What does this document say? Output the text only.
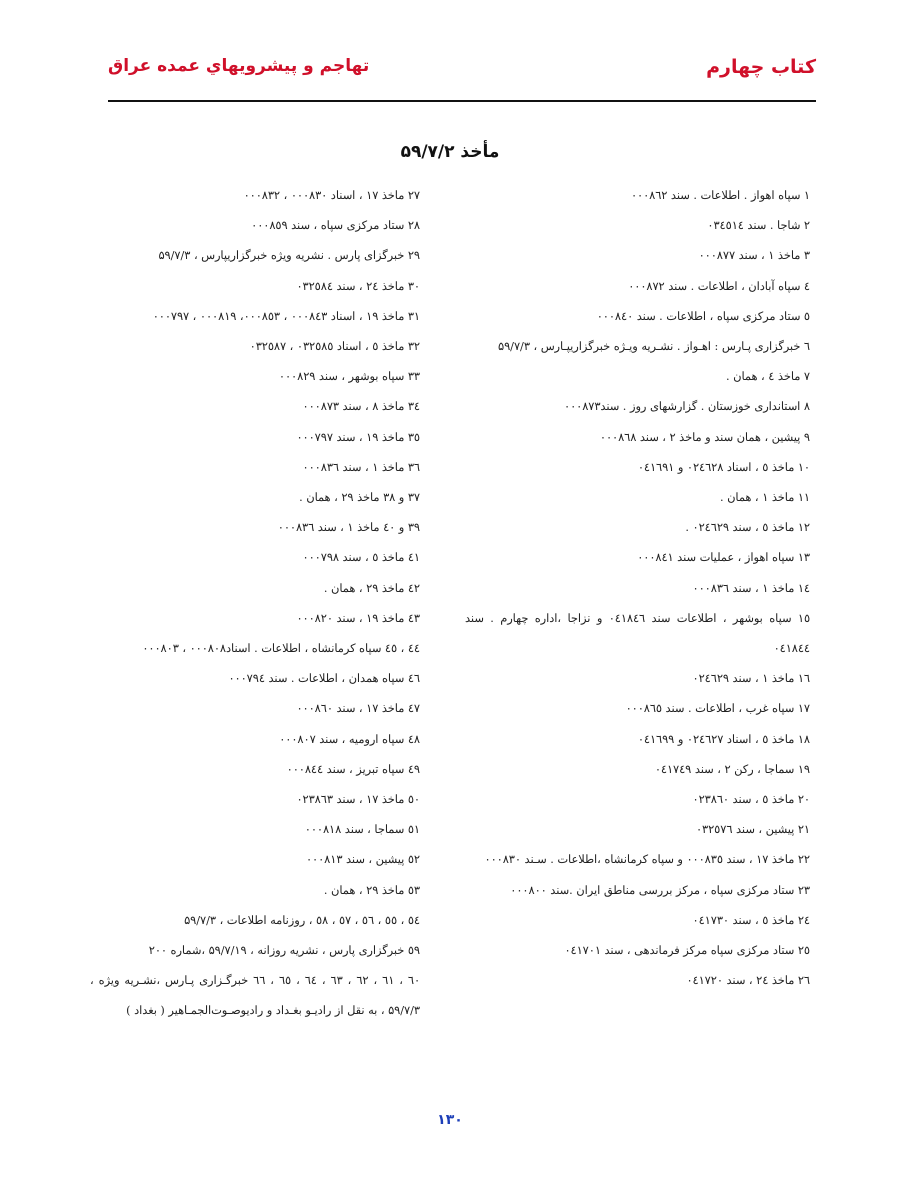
كتاب چهارم
تهاجم و پيشرويهاي عمده عراق
مأخذ ۵۹/۷/۲

۱ سپاه اهواز . اطلاعات . سند ۰۰۰۸٦۲

۲ شاجا . سند ۰۳٤٥١٤

۳ ماخذ ۱ ، سند ۰۰۰۸۷۷

٤ سپاه آبادان ، اطلاعات . سند ۰۰۰۸۷۲

٥ ستاد مرکزی سپاه ، اطلاعات . سند ۰۰۰۸٤۰

٦ خبرگزاری پـارس : اهـواز . نشـريه ويـژه خبرگزاريپـارس ، ۵۹/۷/۳

۷ ماخذ ٤ ، همان .

۸ استانداری خوزستان . گزارشهای روز . سند۰۰۰۸۷۳

۹ پیشین ، همان سند و ماخذ ۲ ، سند ۰۰۰۸٦۸

۱۰ ماخذ ٥ ، اسناد ۰۲٤٦۲۸ و ۰٤۱٦۹۱

۱۱ ماخذ ۱ ، همان .

۱۲ ماخذ ٥ ، سند ۰۲٤٦۲۹ .

۱۳ سپاه اهواز ، عملیات سند ۰۰۰۸٤۱

١٤ ماخذ ۱ ، سند ۰۰۰۸۳٦

١٥ سپاه بوشهر ، اطلاعات سند ۰٤۱۸٤٦ و نزاجا ،اداره چهارم . سند ۰٤۱۸٤٤

١٦ ماخذ ۱ ، سند ۰۲٤٦۲۹

۱۷ سپاه غرب ، اطلاعات . سند ۰۰۰۸٦٥

۱۸ ماخذ ٥ ، اسناد ۰۲٤٦۲۷ و ۰٤۱٦۹۹

۱۹ سماجا ، رکن ۲ ، سند ۰٤۱۷٤۹

۲۰ ماخذ ٥ ، سند ۰۲۳۸٦۰

۲۱ پیشین ، سند ۰۳۲٥۷٦

۲۲ ماخذ ۱۷ ، سند ۰۰۰۸۳٥ و سپاه کرمانشاه ،اطلاعات . سـند ۰۰۰۸۳۰

۲۳ ستاد مرکزی سپاه ، مرکز بررسی مناطق ایران .سند ۰۰۰۸۰۰

٢٤ ماخذ ٥ ، سند ۰٤۱۷۳۰

۲٥ ستاد مرکزی سپاه مرکز فرماندهی ، سند ۰٤۱۷۰۱

۲٦ ماخذ ٢٤ ، سند ۰٤۱۷۲۰

۲۷ ماخذ ۱۷ ، اسناد ۰۰۰۸۳۰ ، ۰۰۰۸۳۲

۲۸ ستاد مرکزی سپاه ، سند ۰۰۰۸٥۹

۲۹ خبرگزای پارس . نشریه ویژه خبرگزاریپارس ، ۵۹/۷/۳

۳۰ ماخذ ٢٤ ، سند ۰۳۲٥۸٤

۳۱ ماخذ ۱۹ ، اسناد ۰۰۰۸٤۳ ، ۰۰۰۸٥۳، ۰۰۰۸۱۹ ، ۰۰۰۷۹۷

۳۲ ماخذ ٥ ، اسناد ۰۳۲٥۸٥ ، ۰۳۲٥۸۷

۳۳ سپاه بوشهر ، سند ۰۰۰۸۲۹

۳٤ ماخذ ۸ ، سند ۰۰۰۸۷۳

۳٥ ماخذ ۱۹ ، سند ۰۰۰۷۹۷

۳٦ ماخذ ۱ ، سند ۰۰۰۸۳٦

۳۷ و ۳۸ ماخذ ۲۹ ، همان .

۳۹ و ٤۰ ماخذ ۱ ، سند ۰۰۰۸۳٦

٤۱ ماخذ ٥ ، سند ۰۰۰۷۹۸

٤۲ ماخذ ۲۹ ، همان .

٤۳ ماخذ ۱۹ ، سند ۰۰۰۸۲۰

٤٤ ، ٤٥ سپاه کرمانشاه ، اطلاعات . اسناد۰۰۰۸۰۸ ، ۰۰۰۸۰۳

٤٦ سپاه همدان ، اطلاعات . سند ۰۰۰۷۹٤

٤۷ ماخذ ۱۷ ، سند ۰۰۰۸٦۰

٤۸ سپاه ارومیه ، سند ۰۰۰۸۰۷

٤۹ سپاه تبریز ، سند ۰۰۰۸٤٤

٥۰ ماخذ ۱۷ ، سند ۰۲۳۸٦۳

٥۱ سماجا ، سند ۰۰۰۸۱۸

٥۲ پیشین ، سند ۰۰۰۸۱۳

٥۳ ماخذ ۲۹ ، همان .

٥٤ ، ٥٥ ، ٥٦ ، ٥۷ ، ٥۸ ، روزنامه اطلاعات ، ۵۹/۷/۳

٥۹ خبرگزاری پارس ، نشریه روزانه ، ۵۹/۷/۱۹ ،شماره ۲۰۰

٦۰ ، ٦۱ ، ٦۲ ، ٦۳ ، ٦٤ ، ٦٥ ، ٦٦ خبرگـزاری پـارس ،نشـریه ویژه ، ۵۹/۷/۳ ، به نقل از رادیـو بغـداد و رادیوصـوت‌الجمـاهیر ( بغداد )

۱۳۰
